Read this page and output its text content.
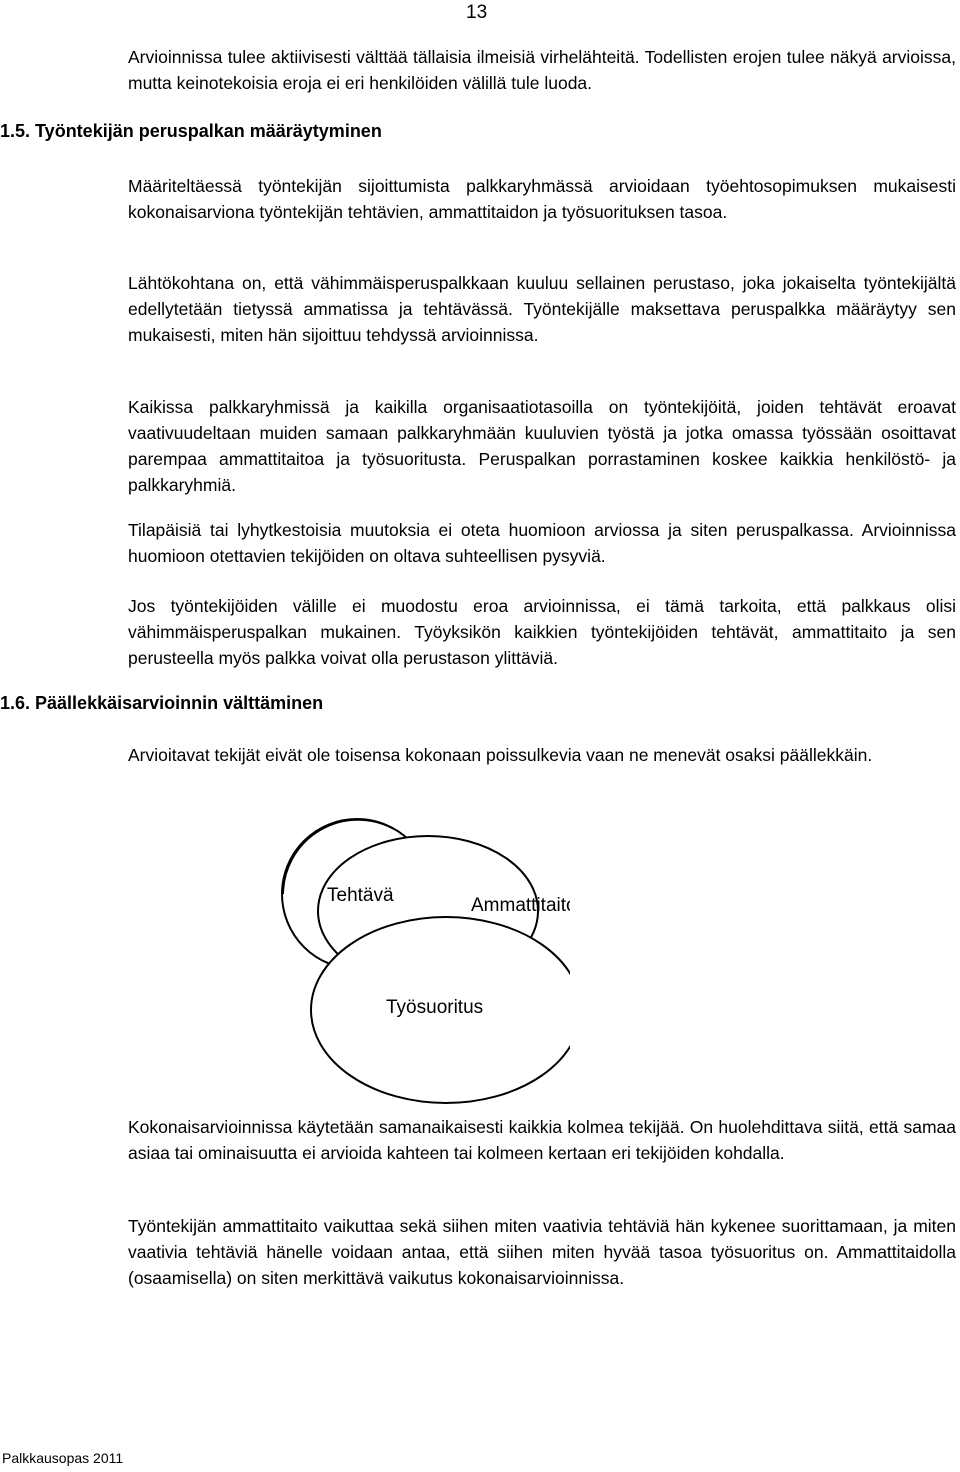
13
Arvioinnissa tulee aktiivisesti välttää tällaisia ilmeisiä virhelähteitä. Todellisten erojen tulee näkyä arvioissa, mutta keinotekoisia eroja ei eri henkilöiden välillä tule luoda.
1.5. Työntekijän peruspalkan määräytyminen
Määriteltäessä työntekijän sijoittumista palkkaryhmässä arvioidaan työehtosopimuksen mukaisesti kokonaisarviona työntekijän tehtävien, ammattitaidon ja työsuorituksen tasoa.
Lähtökohtana on, että vähimmäisperuspalkkaan kuuluu sellainen perustaso, joka jokaiselta työntekijältä edellytetään tietyssä ammatissa ja tehtävässä. Työntekijälle maksettava peruspalkka määräytyy sen mukaisesti, miten hän sijoittuu tehdyssä arvioinnissa.
Kaikissa palkkaryhmissä ja kaikilla organisaatiotasoilla on työntekijöitä, joiden tehtävät eroavat vaativuudeltaan muiden samaan palkkaryhmään kuuluvien työstä ja jotka omassa työssään osoittavat parempaa ammattitaitoa ja työsuoritusta. Peruspalkan porrastaminen koskee kaikkia henkilöstö- ja palkkaryhmiä.
Tilapäisiä tai lyhytkestoisia muutoksia ei oteta huomioon arviossa ja siten peruspalkassa. Arvioinnissa huomioon otettavien tekijöiden on oltava suhteellisen pysyviä.
Jos työntekijöiden välille ei muodostu eroa arvioinnissa, ei tämä tarkoita, että palkkaus olisi vähimmäisperuspalkan mukainen. Työyksikön kaikkien työntekijöiden tehtävät, ammattitaito ja sen perusteella myös palkka voivat olla perustason ylittäviä.
1.6. Päällekkäisarvioinnin välttäminen
Arvioitavat tekijät eivät ole toisensa kokonaan poissulkevia vaan ne menevät osaksi päällekkäin.
Tehtävä	Ammattitaito
Työsuoritus
Kokonaisarvioinnissa käytetään samanaikaisesti kaikkia kolmea tekijää. On huolehdittava siitä, että samaa asiaa tai ominaisuutta ei arvioida kahteen tai kolmeen kertaan eri tekijöiden kohdalla.
Työntekijän ammattitaito vaikuttaa sekä siihen miten vaativia tehtäviä hän kykenee suorittamaan, ja miten vaativia tehtäviä hänelle voidaan antaa, että siihen miten hyvää tasoa työsuoritus on. Ammattitaidolla (osaamisella) on siten merkittävä vaikutus kokonaisarvioinnissa.
Palkkausopas 2011
